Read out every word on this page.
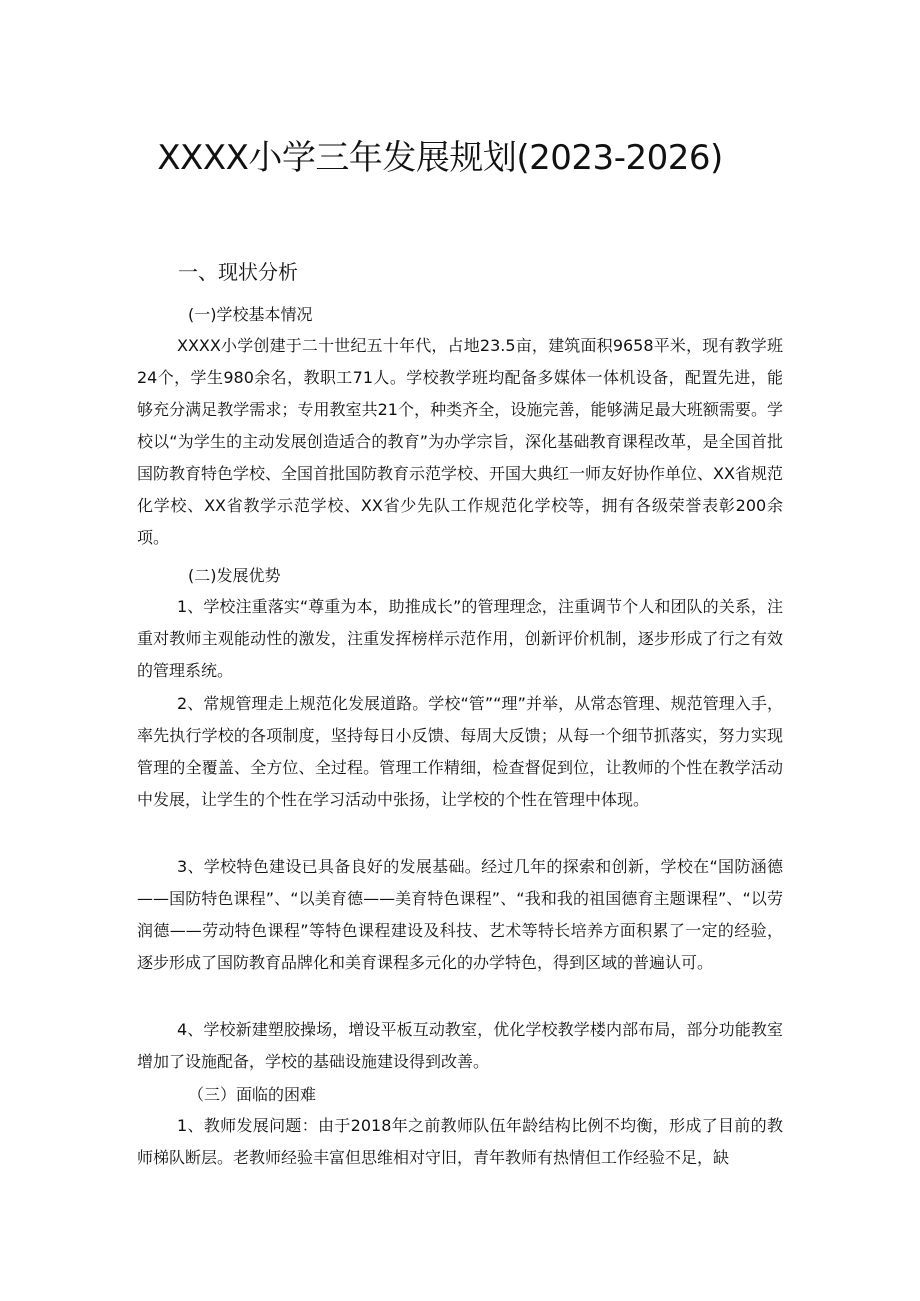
XXXX小学三年发展规划(2023-2026)
一、现状分析
(一)学校基本情况

XXXX小学创建于二十世纪五十年代，占地23.5亩，建筑面积9658平米，现有教学班24个，学生980余名，教职工71人。学校教学班均配备多媒体一体机设备，配置先进，能够充分满足教学需求；专用教室共21个，种类齐全，设施完善，能够满足最大班额需要。学校以“为学生的主动发展创造适合的教育”为办学宗旨，深化基础教育课程改革，是全国首批国防教育特色学校、全国首批国防教育示范学校、开国大典红一师友好协作单位、XX省规范化学校、XX省教学示范学校、XX省少先队工作规范化学校等，拥有各级荣誉表彰200余项。

(二)发展优势

1、学校注重落实“尊重为本，助推成长”的管理理念，注重调节个人和团队的关系，注重对教师主观能动性的激发，注重发挥榜样示范作用，创新评价机制，逐步形成了行之有效的管理系统。

2、常规管理走上规范化发展道路。学校“管”“理”并举，从常态管理、规范管理入手，率先执行学校的各项制度，坚持每日小反馈、每周大反馈；从每一个细节抓落实，努力实现管理的全覆盖、全方位、全过程。管理工作精细，检查督促到位，让教师的个性在教学活动中发展，让学生的个性在学习活动中张扬，让学校的个性在管理中体现。

3、学校特色建设已具备良好的发展基础。经过几年的探索和创新，学校在“国防涵德——国防特色课程”、“以美育德——美育特色课程”、“我和我的祖国德育主题课程”、“以劳润德——劳动特色课程”等特色课程建设及科技、艺术等特长培养方面积累了一定的经验，逐步形成了国防教育品牌化和美育课程多元化的办学特色，得到区域的普遍认可。

4、学校新建塑胶操场，增设平板互动教室，优化学校教学楼内部布局，部分功能教室增加了设施配备，学校的基础设施建设得到改善。

（三）面临的困难

1、教师发展问题：由于2018年之前教师队伍年龄结构比例不均衡，形成了目前的教师梯队断层。老教师经验丰富但思维相对守旧，青年教师有热情但工作经验不足，缺
